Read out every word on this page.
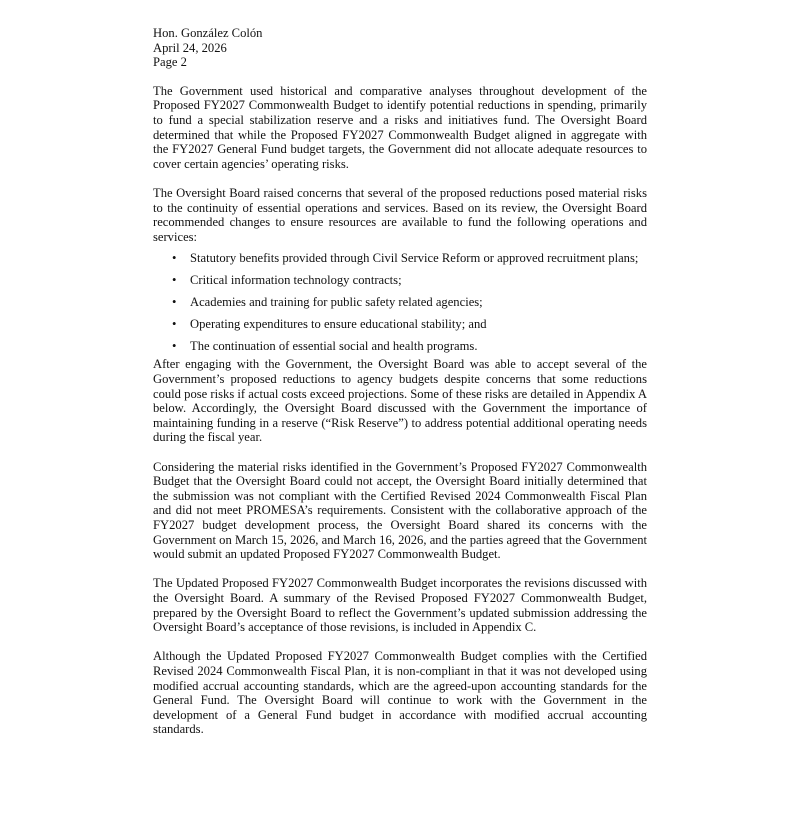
Hon. González Colón
April 24, 2026
Page 2

The Government used historical and comparative analyses throughout development of the Proposed FY2027 Commonwealth Budget to identify potential reductions in spending, primarily to fund a special stabilization reserve and a risks and initiatives fund. The Oversight Board determined that while the Proposed FY2027 Commonwealth Budget aligned in aggregate with the FY2027 General Fund budget targets, the Government did not allocate adequate resources to cover certain agencies’ operating risks.

The Oversight Board raised concerns that several of the proposed reductions posed material risks to the continuity of essential operations and services. Based on its review, the Oversight Board recommended changes to ensure resources are available to fund the following operations and services:

• Statutory benefits provided through Civil Service Reform or approved recruitment plans;
• Critical information technology contracts;
• Academies and training for public safety related agencies;
• Operating expenditures to ensure educational stability; and
• The continuation of essential social and health programs.

After engaging with the Government, the Oversight Board was able to accept several of the Government’s proposed reductions to agency budgets despite concerns that some reductions could pose risks if actual costs exceed projections. Some of these risks are detailed in Appendix A below. Accordingly, the Oversight Board discussed with the Government the importance of maintaining funding in a reserve (“Risk Reserve”) to address potential additional operating needs during the fiscal year.

Considering the material risks identified in the Government’s Proposed FY2027 Commonwealth Budget that the Oversight Board could not accept, the Oversight Board initially determined that the submission was not compliant with the Certified Revised 2024 Commonwealth Fiscal Plan and did not meet PROMESA’s requirements. Consistent with the collaborative approach of the FY2027 budget development process, the Oversight Board shared its concerns with the Government on March 15, 2026, and March 16, 2026, and the parties agreed that the Government would submit an updated Proposed FY2027 Commonwealth Budget.

The Updated Proposed FY2027 Commonwealth Budget incorporates the revisions discussed with the Oversight Board. A summary of the Revised Proposed FY2027 Commonwealth Budget, prepared by the Oversight Board to reflect the Government’s updated submission addressing the Oversight Board’s acceptance of those revisions, is included in Appendix C.

Although the Updated Proposed FY2027 Commonwealth Budget complies with the Certified Revised 2024 Commonwealth Fiscal Plan, it is non-compliant in that it was not developed using modified accrual accounting standards, which are the agreed-upon accounting standards for the General Fund. The Oversight Board will continue to work with the Government in the development of a General Fund budget in accordance with modified accrual accounting standards.
